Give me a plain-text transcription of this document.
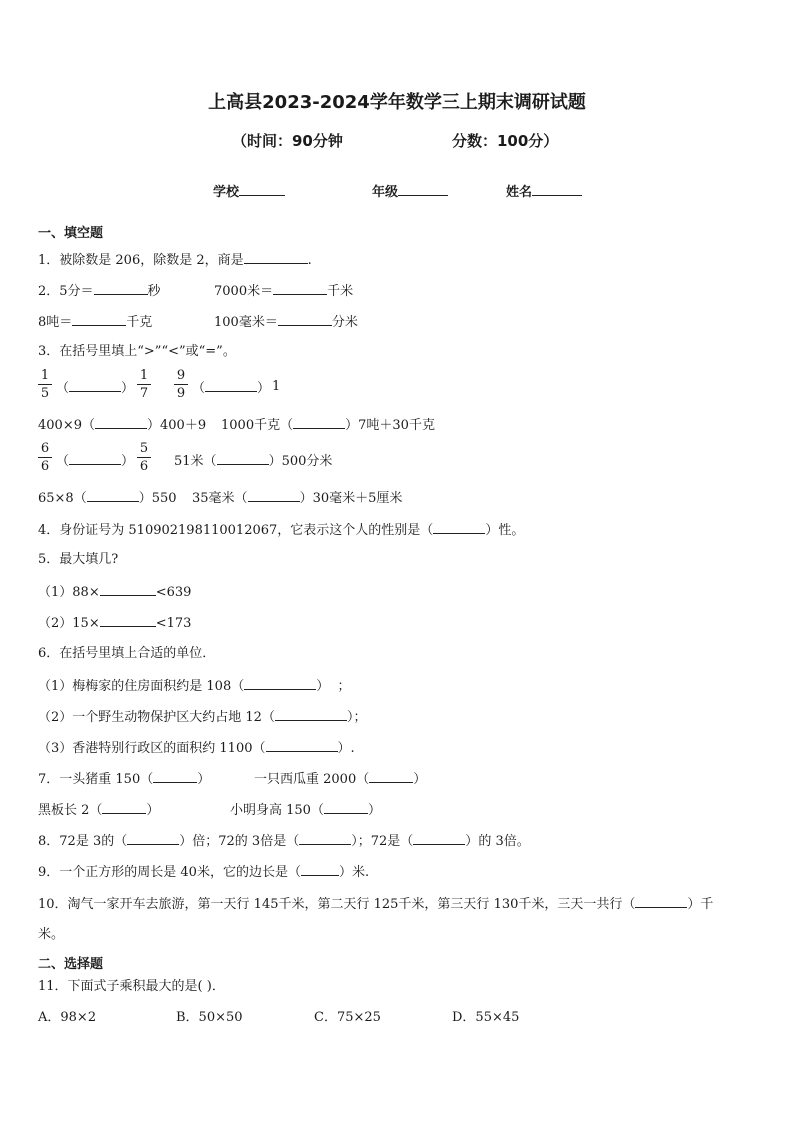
上高县2023-2024学年数学三上期末调研试题
（时间：90分钟	分数：100分）
学校	年级	姓名
一、填空题
1．被除数是 206，除数是 2，商是	.
2．5分＝	秒	7000米＝	千米
8吨＝	千克	100毫米＝	分米
3．在括号里填上“>”“<”或“=”。
1
5
（  ）
1
7
9
9 （  ）	1
400×9 （  ）	400＋9 1000千克 （  ）	7吨＋30千克
6
6
（  ）
5
6 51米 （  ）	500分米
65×8 （  ）	550 35毫米 （  ）	30毫米＋5厘米
4．身份证号为 510902198110012067，它表示这个人的性别是 （  ）	性。
5．最大填几?
（1）88×	<639
（2）15×	<173
6．在括号里填上合适的单位．
（1）梅梅家的住房面积约是 108 （  ）	；
（2）一个野生动物保护区大约占地 12 （  ）	；
（3）香港特别行政区的面积约 1100 （  ）	.
7．一头猪重 150 （  ）	一只西瓜重 2000（  ）
黑板长 2 （  ）	小明身高 150（  ）
8．72是 3的 （  ）	倍；72的 3倍是 （  ）	；72是 （  ）	的 3倍。
9．一个正方形的周长是 40米，它的边长是 （  ）	米.
10．淘气一家开车去旅游，第一天行 145千米，第二天行 125千米，第三天行 130千米，三天一共行 （  ）	千
米。
二、选择题
11．下面式子乘积最大的是( )．
A．98×2	B．50×50	C．75×25	D．55×45
